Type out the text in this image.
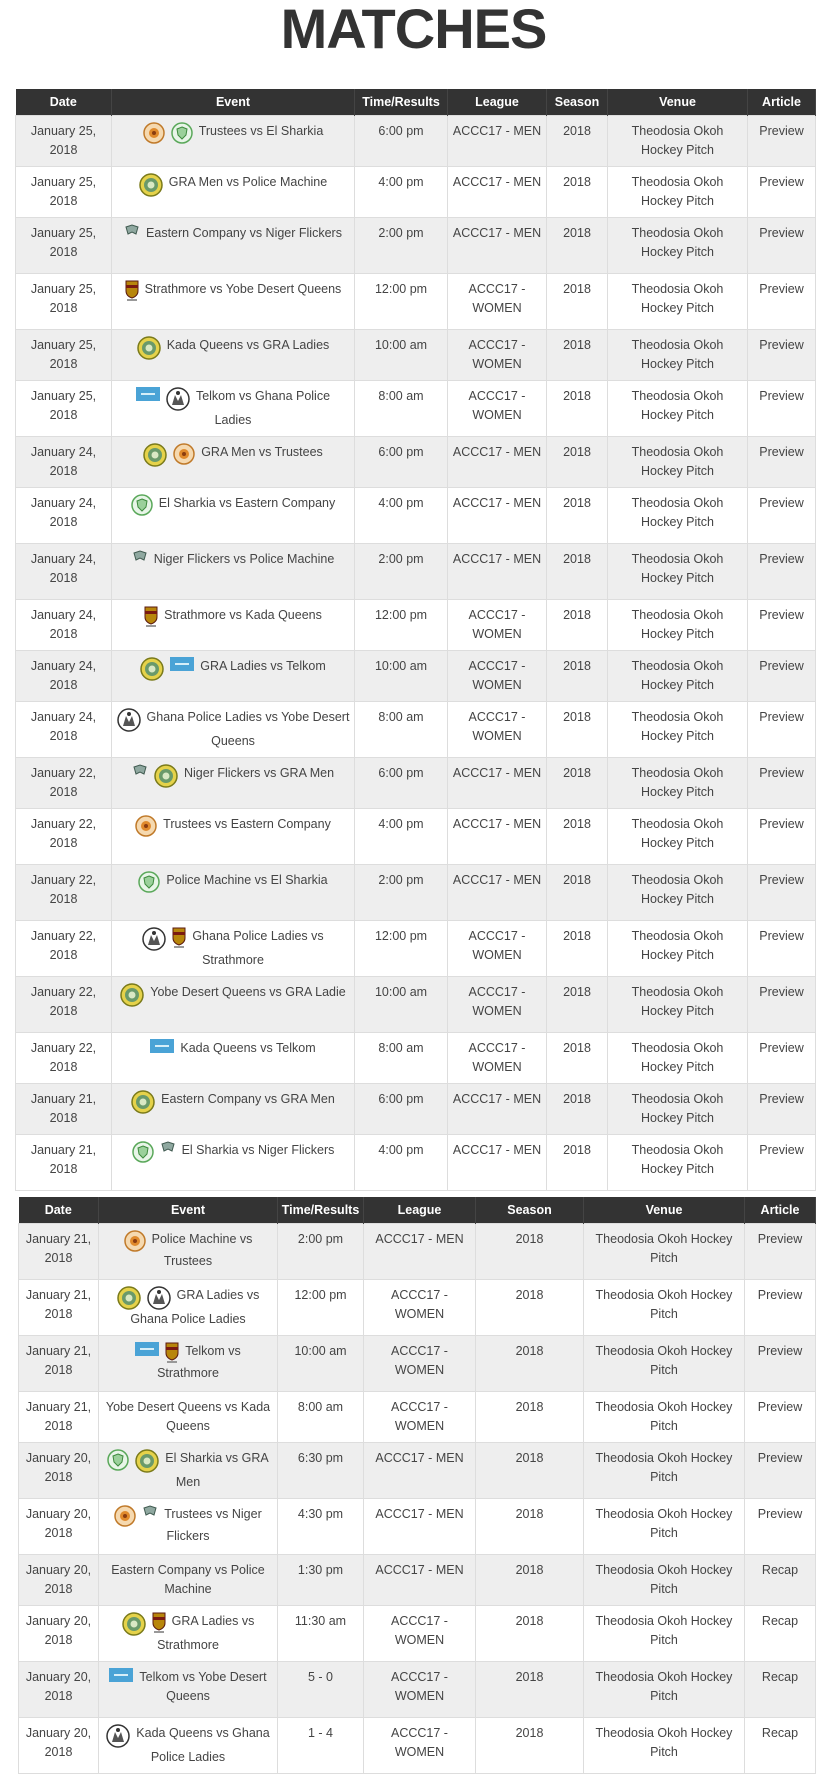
MATCHES
Date	Event	Time/Results	League	Season	Venue	Article
January 25, 2018	Trustees vs El Sharkia	6:00 pm	ACCC17 - MEN	2018	Theodosia Okoh Hockey Pitch	Preview
January 25, 2018	GRA Men vs Police Machine	4:00 pm	ACCC17 - MEN	2018	Theodosia Okoh Hockey Pitch	Preview
January 25, 2018	Eastern Company vs Niger Flickers	2:00 pm	ACCC17 - MEN	2018	Theodosia Okoh Hockey Pitch	Preview
January 25, 2018	Strathmore vs Yobe Desert Queens	12:00 pm	ACCC17 - WOMEN	2018	Theodosia Okoh Hockey Pitch	Preview
January 25, 2018	Kada Queens vs GRA Ladies	10:00 am	ACCC17 - WOMEN	2018	Theodosia Okoh Hockey Pitch	Preview
January 25, 2018	Telkom vs Ghana Police Ladies	8:00 am	ACCC17 - WOMEN	2018	Theodosia Okoh Hockey Pitch	Preview
January 24, 2018	GRA Men vs Trustees	6:00 pm	ACCC17 - MEN	2018	Theodosia Okoh Hockey Pitch	Preview
January 24, 2018	El Sharkia vs Eastern Company	4:00 pm	ACCC17 - MEN	2018	Theodosia Okoh Hockey Pitch	Preview
January 24, 2018	Niger Flickers vs Police Machine	2:00 pm	ACCC17 - MEN	2018	Theodosia Okoh Hockey Pitch	Preview
January 24, 2018	Strathmore vs Kada Queens	12:00 pm	ACCC17 - WOMEN	2018	Theodosia Okoh Hockey Pitch	Preview
January 24, 2018	GRA Ladies vs Telkom	10:00 am	ACCC17 - WOMEN	2018	Theodosia Okoh Hockey Pitch	Preview
January 24, 2018	Ghana Police Ladies vs Yobe Desert Queens	8:00 am	ACCC17 - WOMEN	2018	Theodosia Okoh Hockey Pitch	Preview
January 22, 2018	Niger Flickers vs GRA Men	6:00 pm	ACCC17 - MEN	2018	Theodosia Okoh Hockey Pitch	Preview
January 22, 2018	Trustees vs Eastern Company	4:00 pm	ACCC17 - MEN	2018	Theodosia Okoh Hockey Pitch	Preview
January 22, 2018	Police Machine vs El Sharkia	2:00 pm	ACCC17 - MEN	2018	Theodosia Okoh Hockey Pitch	Preview
January 22, 2018	Ghana Police Ladies vs Strathmore	12:00 pm	ACCC17 - WOMEN	2018	Theodosia Okoh Hockey Pitch	Preview
January 22, 2018	Yobe Desert Queens vs GRA Ladie	10:00 am	ACCC17 - WOMEN	2018	Theodosia Okoh Hockey Pitch	Preview
January 22, 2018	Kada Queens vs Telkom	8:00 am	ACCC17 - WOMEN	2018	Theodosia Okoh Hockey Pitch	Preview
January 21, 2018	Eastern Company vs GRA Men	6:00 pm	ACCC17 - MEN	2018	Theodosia Okoh Hockey Pitch	Preview
January 21, 2018	El Sharkia vs Niger Flickers	4:00 pm	ACCC17 - MEN	2018	Theodosia Okoh Hockey Pitch	Preview
Date	Event	Time/Results	League	Season	Venue	Article
January 21, 2018	Police Machine vs Trustees	2:00 pm	ACCC17 - MEN	2018	Theodosia Okoh Hockey Pitch	Preview
January 21, 2018	GRA Ladies vs Ghana Police Ladies	12:00 pm	ACCC17 - WOMEN	2018	Theodosia Okoh Hockey Pitch	Preview
January 21, 2018	Telkom vs Strathmore	10:00 am	ACCC17 - WOMEN	2018	Theodosia Okoh Hockey Pitch	Preview
January 21, 2018	Yobe Desert Queens vs Kada Queens	8:00 am	ACCC17 - WOMEN	2018	Theodosia Okoh Hockey Pitch	Preview
January 20, 2018	El Sharkia vs GRA Men	6:30 pm	ACCC17 - MEN	2018	Theodosia Okoh Hockey Pitch	Preview
January 20, 2018	Trustees vs Niger Flickers	4:30 pm	ACCC17 - MEN	2018	Theodosia Okoh Hockey Pitch	Preview
January 20, 2018	Eastern Company vs Police Machine	1:30 pm	ACCC17 - MEN	2018	Theodosia Okoh Hockey Pitch	Recap
January 20, 2018	GRA Ladies vs Strathmore	11:30 am	ACCC17 - WOMEN	2018	Theodosia Okoh Hockey Pitch	Recap
January 20, 2018	Telkom vs Yobe Desert Queens	5 - 0	ACCC17 - WOMEN	2018	Theodosia Okoh Hockey Pitch	Recap
January 20, 2018	Kada Queens vs Ghana Police Ladies	1 - 4	ACCC17 - WOMEN	2018	Theodosia Okoh Hockey Pitch	Recap
